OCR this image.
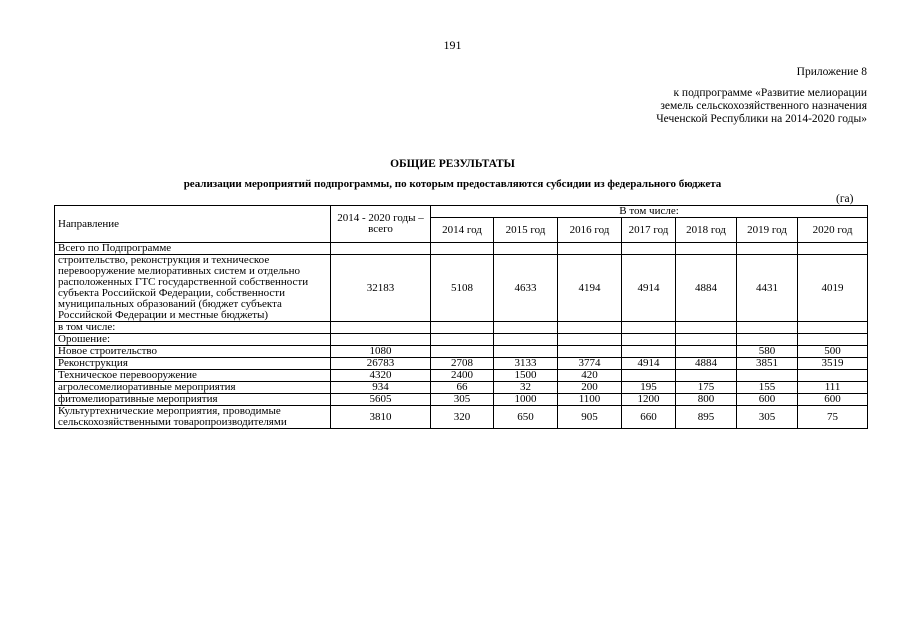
191
Приложение 8
к подпрограмме «Развитие мелиорации
земель сельскохозяйственного назначения
Чеченской Республики на 2014-2020 годы»
ОБЩИЕ РЕЗУЛЬТАТЫ
реализации мероприятий подпрограммы, по которым предоставляются субсидии из федерального бюджета
(га)
Направление	2014 - 2020 годы – всего	В том числе:						
		2014 год	2015 год	2016 год	2017 год	2018 год	2019 год	2020 год
Всего по Подпрограмме								
строительство, реконструкция и техническое перевооружение мелиоративных систем и отдельно расположенных ГТС государственной собственности субъекта Российской Федерации, собственности муниципальных образований (бюджет субъекта Российской Федерации и местные бюджеты)	32183	5108	4633	4194	4914	4884	4431	4019
в том числе:								
Орошение:								
Новое строительство	1080						580	500
Реконструкция	26783	2708	3133	3774	4914	4884	3851	3519
Техническое перевооружение	4320	2400	1500	420				
агролесомелиоративные мероприятия	934	66	32	200	195	175	155	111
фитомелиоративные мероприятия	5605	305	1000	1100	1200	800	600	600
Культуртехнические мероприятия, проводимые сельскохозяйственными товаропроизводителями	3810	320	650	905	660	895	305	75
